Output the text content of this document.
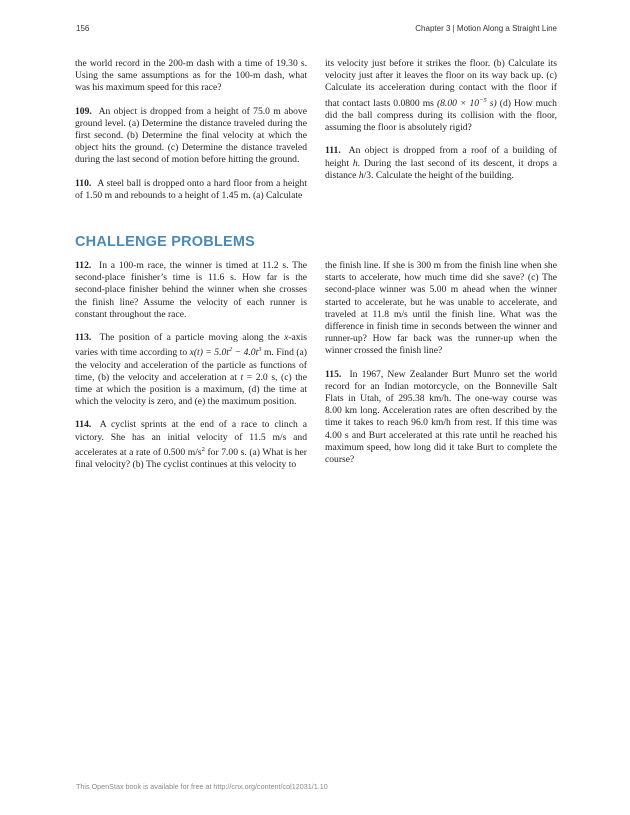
156	Chapter 3 | Motion Along a Straight Line

the world record in the 200-m dash with a time of 19.30 s. Using the same assumptions as for the 100-m dash, what was his maximum speed for this race?

109. An object is dropped from a height of 75.0 m above ground level. (a) Determine the distance traveled during the first second. (b) Determine the final velocity at which the object hits the ground. (c) Determine the distance traveled during the last second of motion before hitting the ground.

110. A steel ball is dropped onto a hard floor from a height of 1.50 m and rebounds to a height of 1.45 m. (a) Calculate

its velocity just before it strikes the floor. (b) Calculate its velocity just after it leaves the floor on its way back up. (c) Calculate its acceleration during contact with the floor if that contact lasts 0.0800 ms ($8.00 \times 10^{-5}$ s) (d) How much did the ball compress during its collision with the floor, assuming the floor is absolutely rigid?

111. An object is dropped from a roof of a building of height h. During the last second of its descent, it drops a distance h/3. Calculate the height of the building.

CHALLENGE PROBLEMS

112. In a 100-m race, the winner is timed at 11.2 s. The second-place finisher’s time is 11.6 s. How far is the second-place finisher behind the winner when she crosses the finish line? Assume the velocity of each runner is constant throughout the race.

113. The position of a particle moving along the x-axis varies with time according to $x(t) = 5.0t^2 - 4.0t^3$ m. Find (a) the velocity and acceleration of the particle as functions of time, (b) the velocity and acceleration at t = 2.0 s, (c) the time at which the position is a maximum, (d) the time at which the velocity is zero, and (e) the maximum position.

114. A cyclist sprints at the end of a race to clinch a victory. She has an initial velocity of 11.5 m/s and accelerates at a rate of 0.500 $m/s^2$ for 7.00 s. (a) What is her final velocity? (b) The cyclist continues at this velocity to

the finish line. If she is 300 m from the finish line when she starts to accelerate, how much time did she save? (c) The second-place winner was 5.00 m ahead when the winner started to accelerate, but he was unable to accelerate, and traveled at 11.8 m/s until the finish line. What was the difference in finish time in seconds between the winner and runner-up? How far back was the runner-up when the winner crossed the finish line?

115. In 1967, New Zealander Burt Munro set the world record for an Indian motorcycle, on the Bonneville Salt Flats in Utah, of 295.38 km/h. The one-way course was 8.00 km long. Acceleration rates are often described by the time it takes to reach 96.0 km/h from rest. If this time was 4.00 s and Burt accelerated at this rate until he reached his maximum speed, how long did it take Burt to complete the course?

This OpenStax book is available for free at http://cnx.org/content/col12031/1.10
